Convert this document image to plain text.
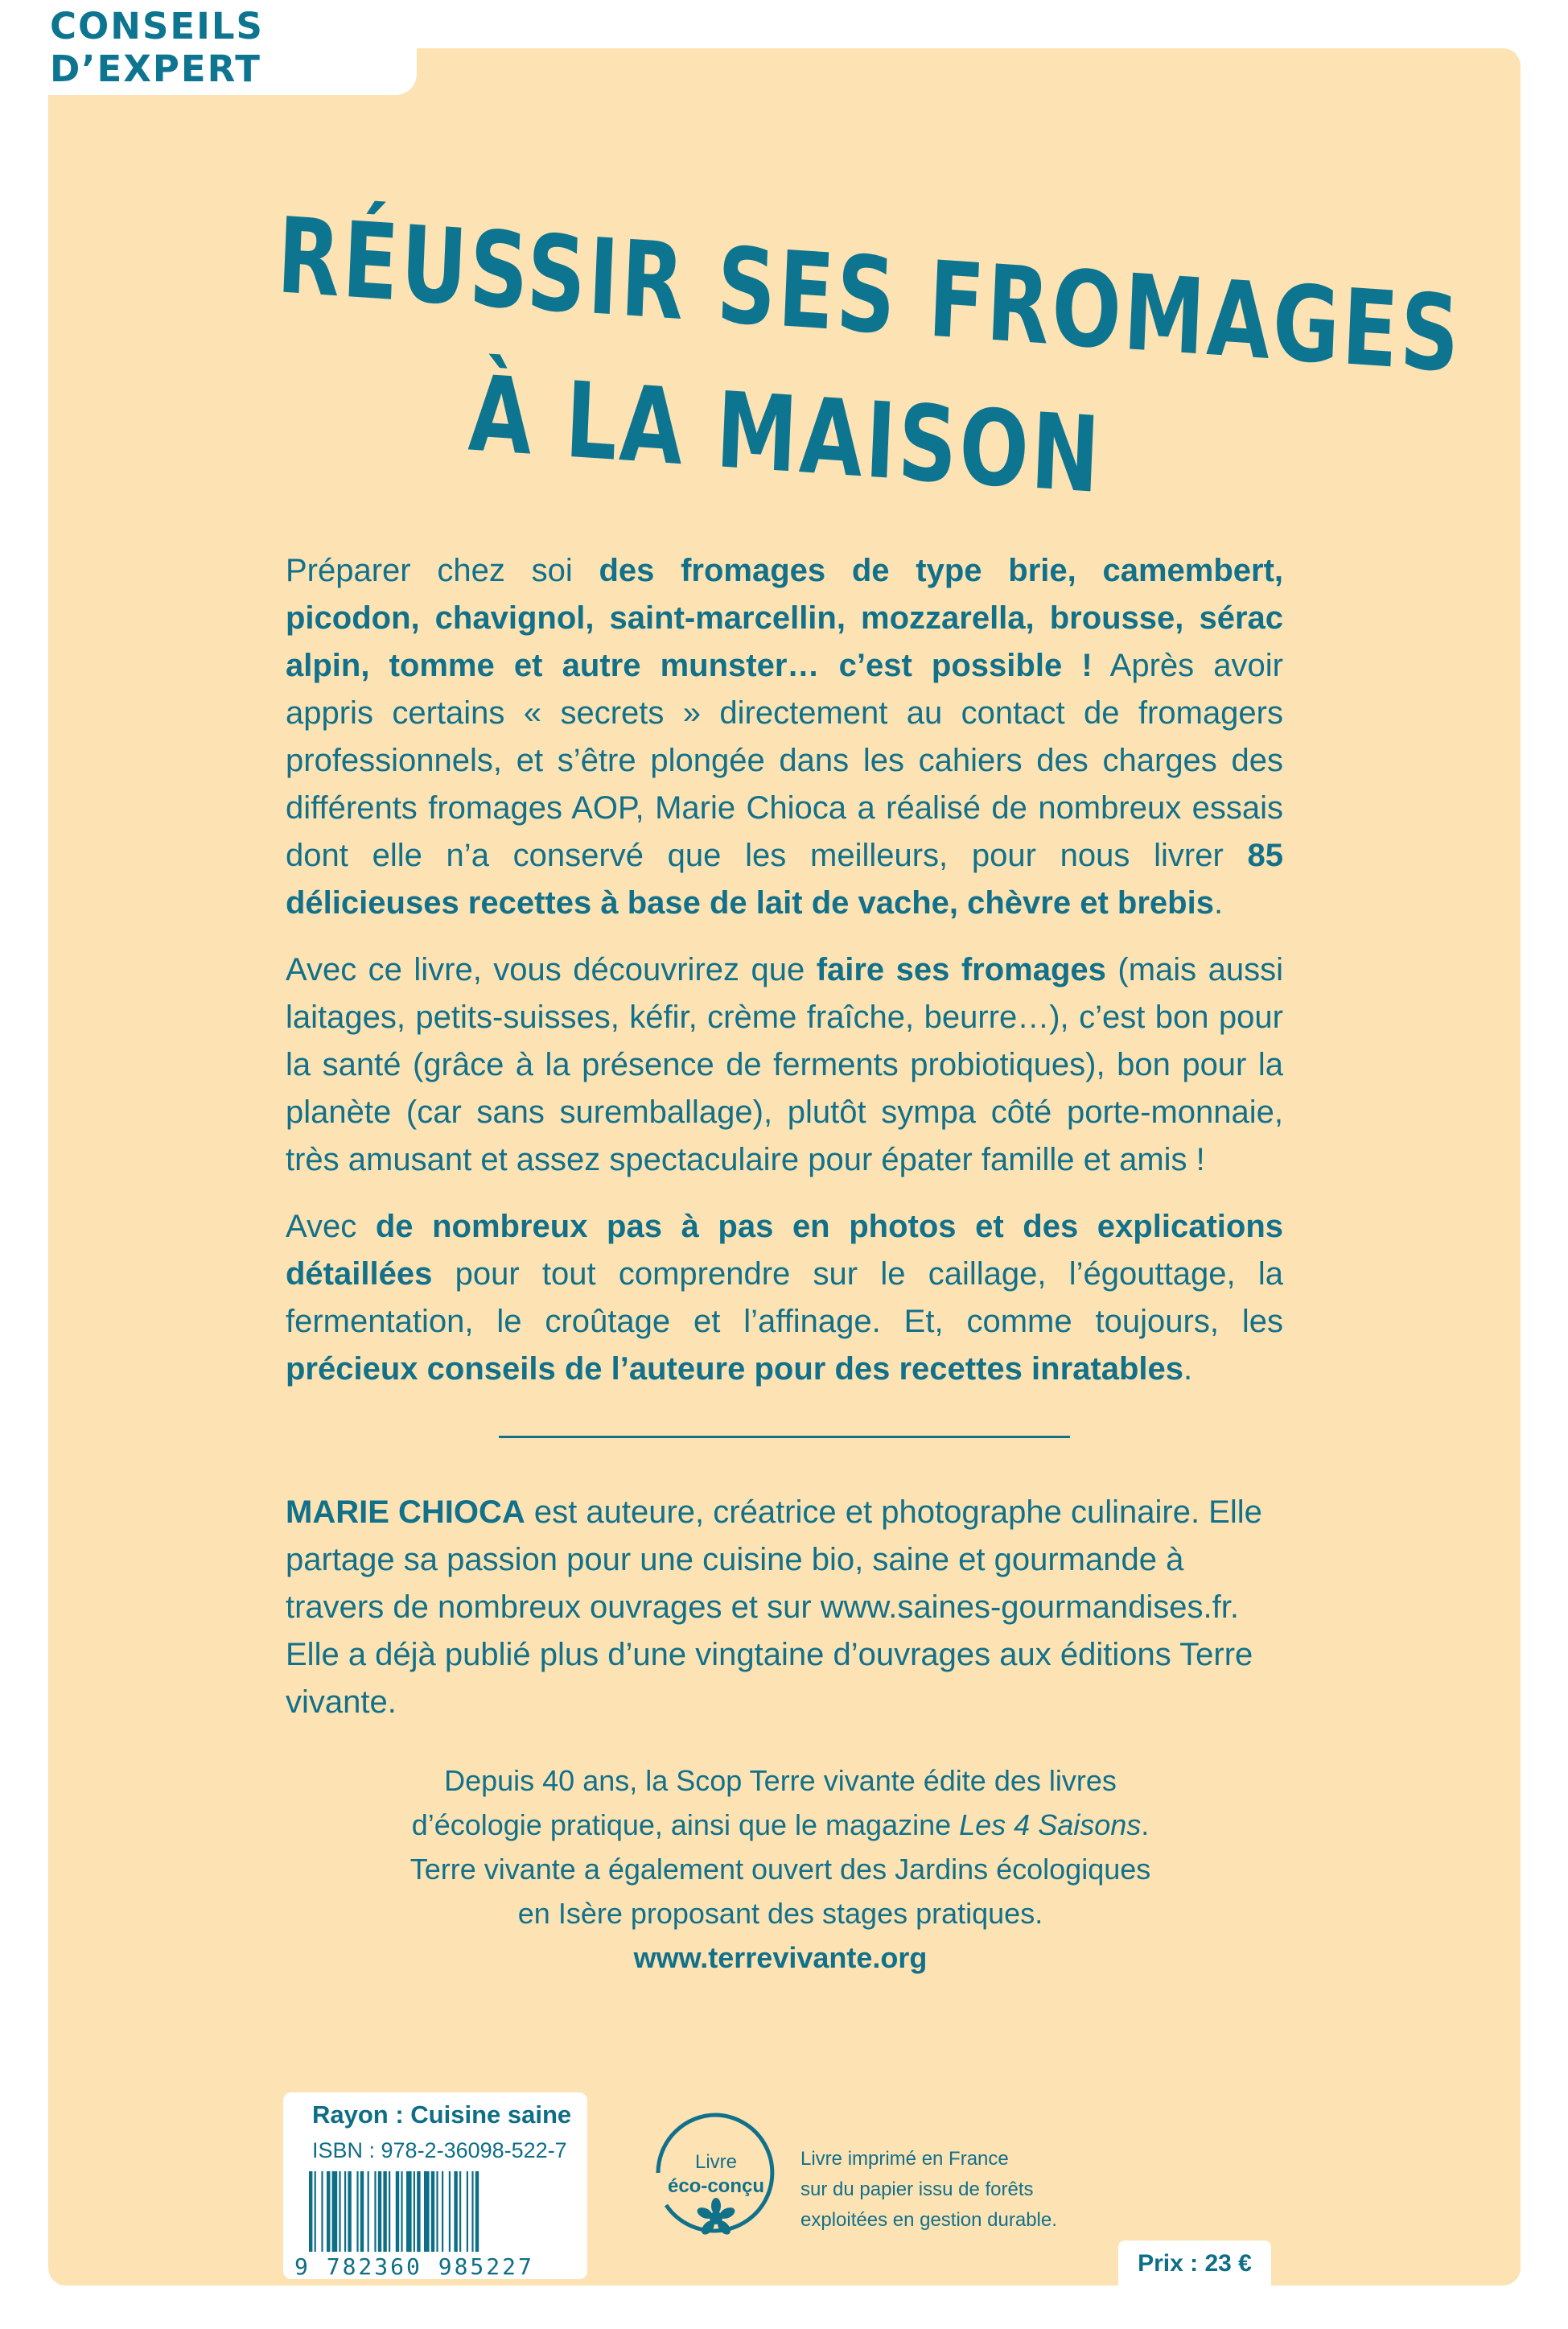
CONSEILS D’EXPERT
RÉUSSIR SES FROMAGES
À LA MAISON

Préparer chez soi des fromages de type brie, camembert, picodon, chavignol, saint-marcellin, mozzarella, brousse, sérac alpin, tomme et autre munster… c’est possible ! Après avoir appris certains « secrets » directement au contact de fromagers professionnels, et s’être plongée dans les cahiers des charges des différents fromages AOP, Marie Chioca a réalisé de nombreux essais dont elle n’a conservé que les meilleurs, pour nous livrer 85 délicieuses recettes à base de lait de vache, chèvre et brebis.

Avec ce livre, vous découvrirez que faire ses fromages (mais aussi laitages, petits-suisses, kéfir, crème fraîche, beurre…), c’est bon pour la santé (grâce à la présence de ferments probiotiques), bon pour la planète (car sans suremballage), plutôt sympa côté porte-monnaie, très amusant et assez spectaculaire pour épater famille et amis !

Avec de nombreux pas à pas en photos et des explications détaillées pour tout comprendre sur le caillage, l’égouttage, la fermentation, le croûtage et l’affinage. Et, comme toujours, les précieux conseils de l’auteure pour des recettes inratables.

MARIE CHIOCA est auteure, créatrice et photographe culinaire. Elle partage sa passion pour une cuisine bio, saine et gourmande à travers de nombreux ouvrages et sur www.saines-gourmandises.fr. Elle a déjà publié plus d’une vingtaine d’ouvrages aux éditions Terre vivante.

Depuis 40 ans, la Scop Terre vivante édite des livres
d’écologie pratique, ainsi que le magazine Les 4 Saisons.
Terre vivante a également ouvert des Jardins écologiques
en Isère proposant des stages pratiques.
www.terrevivante.org
Rayon : Cuisine saine
ISBN : 978-2-36098-522-7
9 782360 985227
Livre
éco-conçu
Livre imprimé en France
sur du papier issu de forêts
exploitées en gestion durable.
Prix : 23 €
